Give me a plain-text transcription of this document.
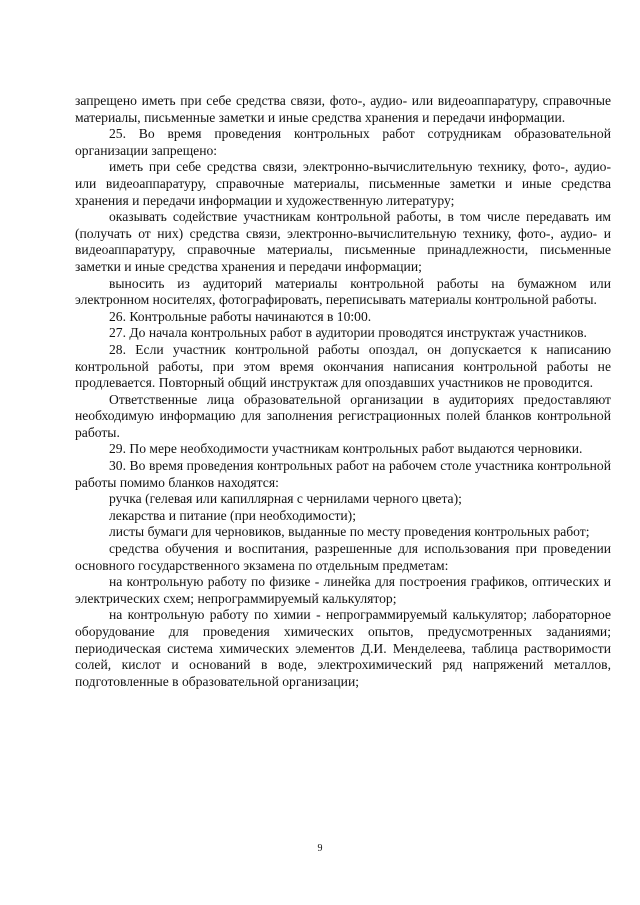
запрещено иметь при себе средства связи, фото-, аудио- или видеоаппаратуру, справочные материалы, письменные заметки и иные средства хранения и передачи информации.

25. Во время проведения контрольных работ сотрудникам образовательной организации запрещено:

иметь при себе средства связи, электронно-вычислительную технику, фото-, аудио- или видеоаппаратуру, справочные материалы, письменные заметки и иные средства хранения и передачи информации и художественную литературу;

оказывать содействие участникам контрольной работы, в том числе передавать им (получать от них) средства связи, электронно-вычислительную технику, фото-, аудио- и видеоаппаратуру, справочные материалы, письменные принадлежности, письменные заметки и иные средства хранения и передачи информации;

выносить из аудиторий материалы контрольной работы на бумажном или электронном носителях, фотографировать, переписывать материалы контрольной работы.

26. Контрольные работы начинаются в 10:00.

27. До начала контрольных работ в аудитории проводятся инструктаж участников.

28. Если участник контрольной работы опоздал, он допускается к написанию контрольной работы, при этом время окончания написания контрольной работы не продлевается. Повторный общий инструктаж для опоздавших участников не проводится.

Ответственные лица образовательной организации в аудиториях предоставляют необходимую информацию для заполнения регистрационных полей бланков контрольной работы.

29. По мере необходимости участникам контрольных работ выдаются черновики.

30. Во время проведения контрольных работ на рабочем столе участника контрольной работы помимо бланков находятся:

ручка (гелевая или капиллярная с чернилами черного цвета);

лекарства и питание (при необходимости);

листы бумаги для черновиков, выданные по месту проведения контрольных работ;

средства обучения и воспитания, разрешенные для использования при проведении основного государственного экзамена по отдельным предметам:

на контрольную работу по физике - линейка для построения графиков, оптических и электрических схем; непрограммируемый калькулятор;

на контрольную работу по химии - непрограммируемый калькулятор; лабораторное оборудование для проведения химических опытов, предусмотренных заданиями; периодическая система химических элементов Д.И. Менделеева, таблица растворимости солей, кислот и оснований в воде, электрохимический ряд напряжений металлов, подготовленные в образовательной организации;

9
